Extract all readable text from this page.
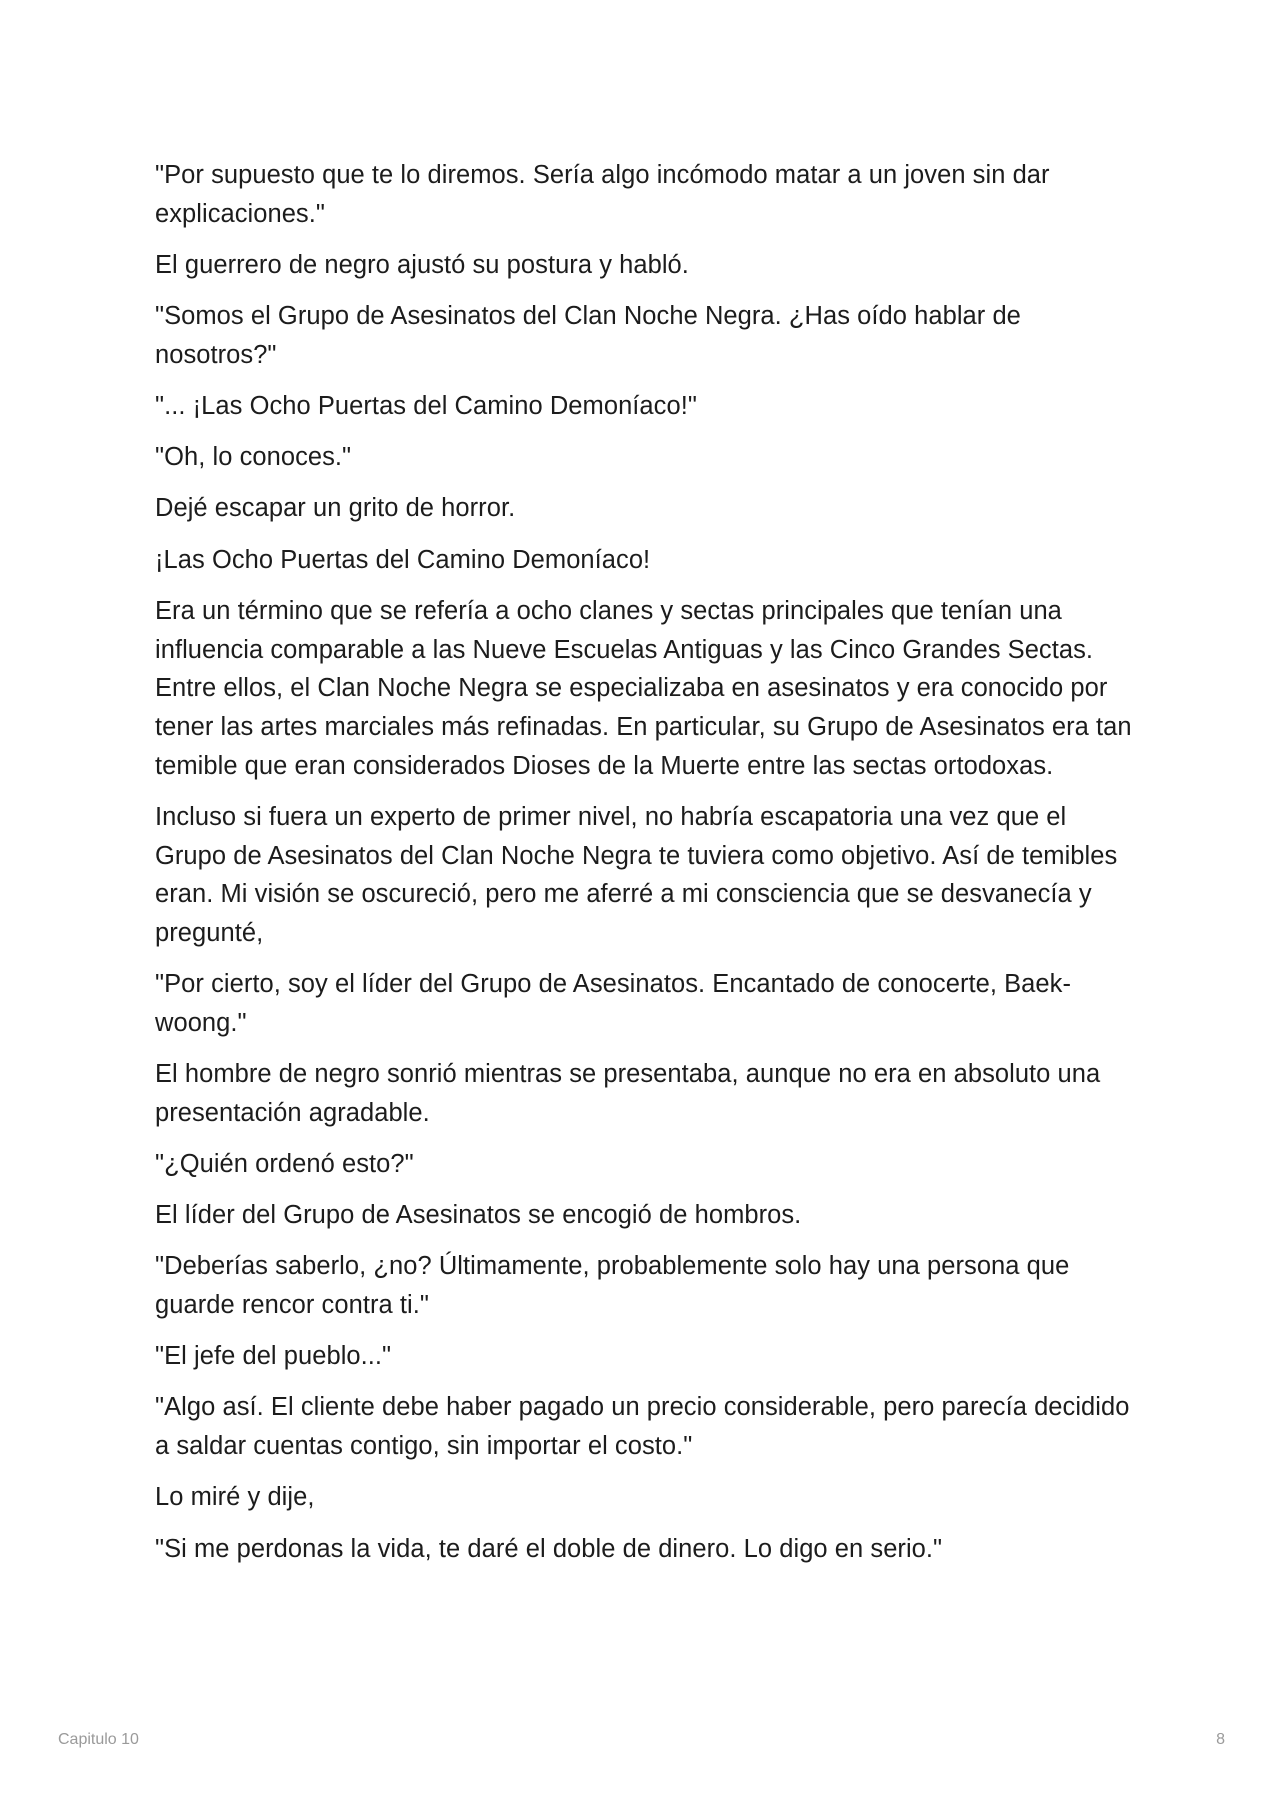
"Por supuesto que te lo diremos. Sería algo incómodo matar a un joven sin dar explicaciones."

El guerrero de negro ajustó su postura y habló.

"Somos el Grupo de Asesinatos del Clan Noche Negra. ¿Has oído hablar de nosotros?"

"... ¡Las Ocho Puertas del Camino Demoníaco!"

"Oh, lo conoces."

Dejé escapar un grito de horror.

¡Las Ocho Puertas del Camino Demoníaco!

Era un término que se refería a ocho clanes y sectas principales que tenían una influencia comparable a las Nueve Escuelas Antiguas y las Cinco Grandes Sectas. Entre ellos, el Clan Noche Negra se especializaba en asesinatos y era conocido por tener las artes marciales más refinadas. En particular, su Grupo de Asesinatos era tan temible que eran considerados Dioses de la Muerte entre las sectas ortodoxas.

Incluso si fuera un experto de primer nivel, no habría escapatoria una vez que el Grupo de Asesinatos del Clan Noche Negra te tuviera como objetivo. Así de temibles eran. Mi visión se oscureció, pero me aferré a mi consciencia que se desvanecía y pregunté,

"Por cierto, soy el líder del Grupo de Asesinatos. Encantado de conocerte, Baek-woong."

El hombre de negro sonrió mientras se presentaba, aunque no era en absoluto una presentación agradable.

"¿Quién ordenó esto?"

El líder del Grupo de Asesinatos se encogió de hombros.

"Deberías saberlo, ¿no? Últimamente, probablemente solo hay una persona que guarde rencor contra ti."

"El jefe del pueblo..."

"Algo así. El cliente debe haber pagado un precio considerable, pero parecía decidido a saldar cuentas contigo, sin importar el costo."

Lo miré y dije,

"Si me perdonas la vida, te daré el doble de dinero. Lo digo en serio."

Capitulo 10	8
